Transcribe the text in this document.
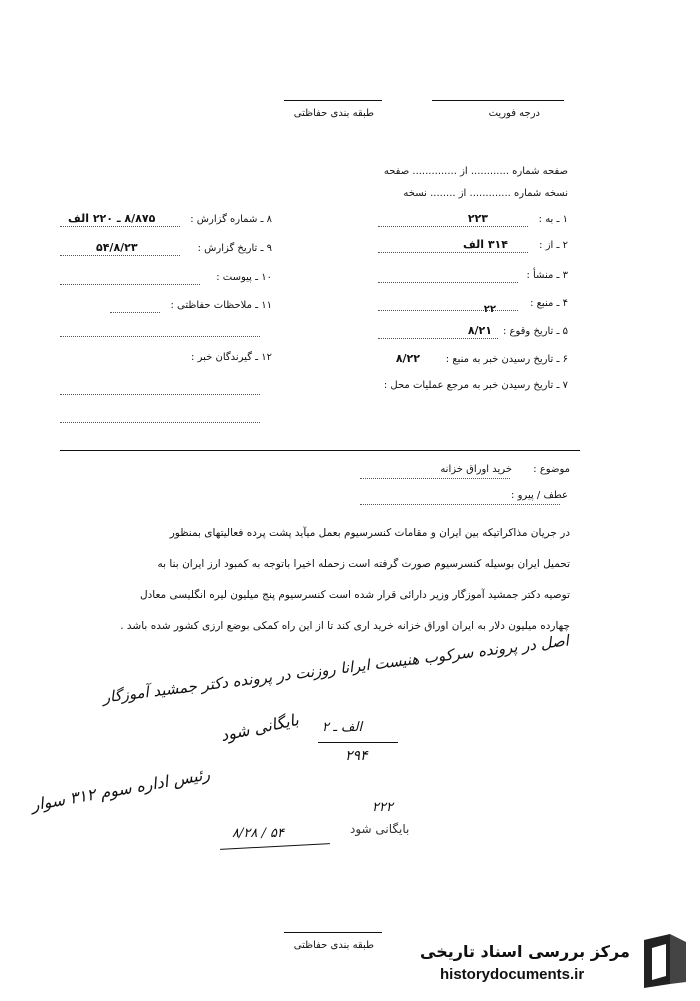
درجه فوریت
طبقه بندی حفاظتی
صفحه شماره ............ از .............. صفحه
نسخه شماره ............. از ........ نسخه
۱ ـ به :
۲۲۳
۲ ـ از :
۳۱۴ الف
۳ ـ منشأ :
۴ ـ منبع :
۲۲
۵ ـ تاریخ وقوع :
۸/۲۱
۶ ـ تاریخ رسیدن خبر به منبع :
۸/۲۲
۷ ـ تاریخ رسیدن خبر به مرجع عملیات محل :
۸ ـ شماره گزارش :
۸/۸۷۵ ـ ۲۲۰ الف
۹ ـ تاریخ گزارش :
۵۴/۸/۲۳
۱۰ ـ پیوست :
۱۱ ـ ملاحظات حفاظتی :
۱۲ ـ گیرندگان خبر :
موضوع :
خرید اوراق خزانه
عطف / پیرو :
در جریان مذاکراتیکه بین ایران و مقامات کنسرسیوم بعمل میآید پشت پرده فعالیتهای بمنظور
تحمیل ایران بوسیله کنسرسیوم صورت گرفته است زحمله اخیرا باتوجه به کمبود ارز ایران بنا به
توصیه دکتر جمشید آموزگار وزیر دارائی قرار شده است کنسرسیوم پنج میلیون لیره انگلیسی معادل
چهارده میلیون دلار به ایران اوراق خزانه خرید اری کند تا از این راه کمکی بوضع ارزی کشور شده باشد .
اصل در پرونده سرکوب هنیست ایرانا روزنت در پرونده دکتر جمشید آموزگار
الف ـ ۲
بایگانی شود
۲۹۴
رئیس اداره سوم ۳۱۲ سوار
۲۲۲
بایگانی شود
۸/۲۸ / ۵۴
طبقه بندی حفاظتی	مرکز بررسی اسناد تاریخی
historydocuments.ir
